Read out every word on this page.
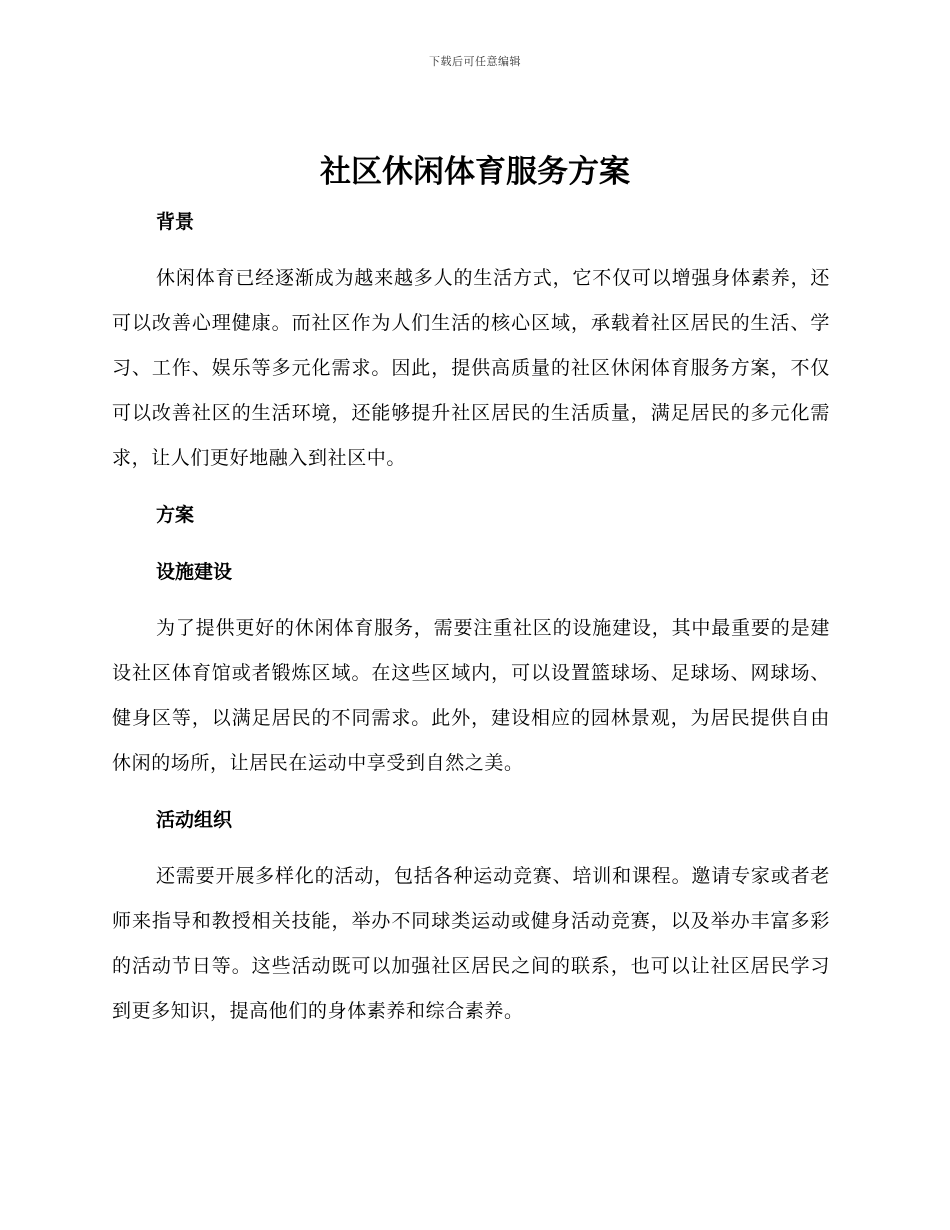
下载后可任意编辑
社区休闲体育服务方案
背景

休闲体育已经逐渐成为越来越多人的生活方式，它不仅可以增强身体素养，还可以改善心理健康。而社区作为人们生活的核心区域，承载着社区居民的生活、学习、工作、娱乐等多元化需求。因此，提供高质量的社区休闲体育服务方案，不仅可以改善社区的生活环境，还能够提升社区居民的生活质量，满足居民的多元化需求，让人们更好地融入到社区中。

方案
设施建设

为了提供更好的休闲体育服务，需要注重社区的设施建设，其中最重要的是建设社区体育馆或者锻炼区域。在这些区域内，可以设置篮球场、足球场、网球场、健身区等，以满足居民的不同需求。此外，建设相应的园林景观，为居民提供自由休闲的场所，让居民在运动中享受到自然之美。

活动组织

还需要开展多样化的活动，包括各种运动竞赛、培训和课程。邀请专家或者老师来指导和教授相关技能，举办不同球类运动或健身活动竞赛，以及举办丰富多彩的活动节日等。这些活动既可以加强社区居民之间的联系，也可以让社区居民学习到更多知识，提高他们的身体素养和综合素养。
